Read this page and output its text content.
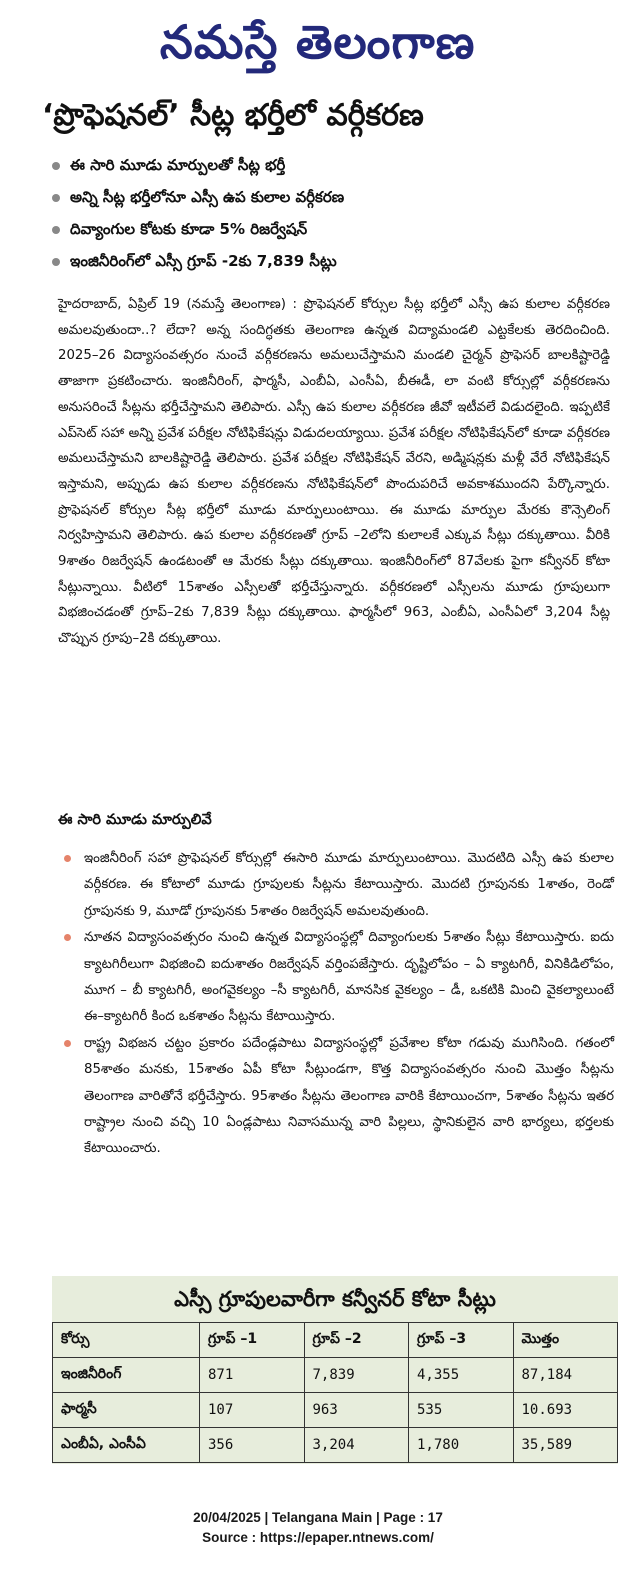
నమస్తే తెలంగాణ
‘ప్రొఫెషనల్’ సీట్ల భర్తీలో వర్గీకరణ
ఈ సారి మూడు మార్పులతో సీట్ల భర్తీ
అన్ని సీట్ల భర్తీలోనూ ఎస్సీ ఉప కులాల వర్గీకరణ
దివ్యాంగుల కోటకు కూడా 5% రిజర్వేషన్
ఇంజినీరింగ్‌లో ఎస్సీ గ్రూప్ -2కు 7,839 సీట్లు
హైదరాబాద్, ఏప్రిల్ 19 (నమస్తే తెలంగాణ) : ప్రొఫెషనల్ కోర్సుల సీట్ల భర్తీలో ఎస్సీ ఉప కులాల వర్గీకరణ అమలవుతుందా..? లేదా? అన్న సందిగ్ధతకు తెలంగాణ ఉన్నత విద్యామండలి ఎట్టకేలకు తెరదించింది. 2025–26 విద్యాసంవత్సరం నుంచే వర్గీకరణను అమలుచేస్తామని మండలి చైర్మన్ ప్రొఫెసర్ బాలకిష్టారెడ్డి తాజాగా ప్రకటించారు. ఇంజినీరింగ్, ఫార్మసీ, ఎంబీఏ, ఎంసీఏ, బీఈడీ, లా వంటి కోర్సుల్లో వర్గీకరణను అనుసరించే సీట్లను భర్తీచేస్తామని తెలిపారు. ఎస్సీ ఉప కులాల వర్గీకరణ జీవో ఇటీవలే విడుదలైంది. ఇప్పటికే ఎప్‌సెట్ సహా అన్ని ప్రవేశ పరీక్షల నోటిఫికేషన్లు విడుదలయ్యాయి. ప్రవేశ పరీక్షల నోటిఫికేషన్‌లో కూడా వర్గీకరణ అమలుచేస్తామని బాలకిష్టారెడ్డి తెలిపారు. ప్రవేశ పరీక్షల నోటిఫికేషన్ వేరని, అడ్మిషన్లకు మళ్లీ వేరే నోటిఫికేషన్ ఇస్తామని, అప్పుడు ఉప కులాల వర్గీకరణను నోటిఫికేషన్‌లో పొందుపరిచే అవకాశముందని పేర్కొన్నారు. ప్రొఫెషనల్ కోర్సుల సీట్ల భర్తీలో మూడు మార్పులుంటాయి. ఈ మూడు మార్పుల మేరకు కౌన్సెలింగ్ నిర్వహిస్తామని తెలిపారు. ఉప కులాల వర్గీకరణతో గ్రూప్ –2లోని కులాలకే ఎక్కువ సీట్లు దక్కుతాయి. వీరికి 9శాతం రిజర్వేషన్ ఉండటంతో ఆ మేరకు సీట్లు దక్కుతాయి. ఇంజినీరింగ్‌లో 87వేలకు పైగా కన్వీనర్ కోటా సీట్లున్నాయి. వీటిలో 15శాతం ఎస్సీలతో భర్తీచేస్తున్నారు. వర్గీకరణలో ఎస్సీలను మూడు గ్రూపులుగా విభజించడంతో గ్రూప్–2కు 7,839 సీట్లు దక్కుతాయి. ఫార్మసీలో 963, ఎంబీఏ, ఎంసీఏలో 3,204 సీట్ల చొప్పున గ్రూపు–2కి దక్కుతాయి.
ఈ సారి మూడు మార్పులివే
ఇంజినీరింగ్ సహా ప్రొఫెషనల్ కోర్సుల్లో ఈసారి మూడు మార్పులుంటాయి. మొదటిది ఎస్సీ ఉప కులాల వర్గీకరణ. ఈ కోటాలో మూడు గ్రూపులకు సీట్లను కేటాయిస్తారు. మొదటి గ్రూపునకు 1శాతం, రెండో గ్రూపునకు 9, మూడో గ్రూపునకు 5శాతం రిజర్వేషన్ అమలవుతుంది.
నూతన విద్యాసంవత్సరం నుంచి ఉన్నత విద్యాసంస్థల్లో దివ్యాంగులకు 5శాతం సీట్లు కేటాయిస్తారు. ఐదు క్యాటగిరీలుగా విభజించి ఐదుశాతం రిజర్వేషన్ వర్తింపజేస్తారు. దృష్టిలోపం – ఏ క్యాటగిరీ, వినికిడిలోపం, మూగ – బీ క్యాటగిరీ, అంగవైకల్యం –సీ క్యాటగిరీ, మానసిక వైకల్యం – డీ, ఒకటికి మించి వైకల్యాలుంటే ఈ–క్యాటగిరీ కింద ఒకశాతం సీట్లను కేటాయిస్తారు.
రాష్ట్ర విభజన చట్టం ప్రకారం పదేండ్లపాటు విద్యాసంస్థల్లో ప్రవేశాల కోటా గడువు ముగిసింది. గతంలో 85శాతం మనకు, 15శాతం ఏపీ కోటా సీట్లుండగా, కొత్త విద్యాసంవత్సరం నుంచి మొత్తం సీట్లను తెలంగాణ వారితోనే భర్తీచేస్తారు. 95శాతం సీట్లను తెలంగాణ వారికి కేటాయించగా, 5శాతం సీట్లను ఇతర రాష్ట్రాల నుంచి వచ్చి 10 ఏండ్లపాటు నివాసమున్న వారి పిల్లలు, స్థానికులైన వారి భార్యలు, భర్తలకు కేటాయించారు.
ఎస్సీ గ్రూపులవారీగా కన్వీనర్ కోటా సీట్లు
కోర్సు	గ్రూప్ –1	గ్రూప్ –2	గ్రూప్ –3	మొత్తం
ఇంజినీరింగ్	871	7,839	4,355	87,184
ఫార్మసీ	107	963	535	10.693
ఎంబీఏ, ఎంసీఏ	356	3,204	1,780	35,589
20/04/2025 | Telangana Main | Page : 17
Source : https://epaper.ntnews.com/
